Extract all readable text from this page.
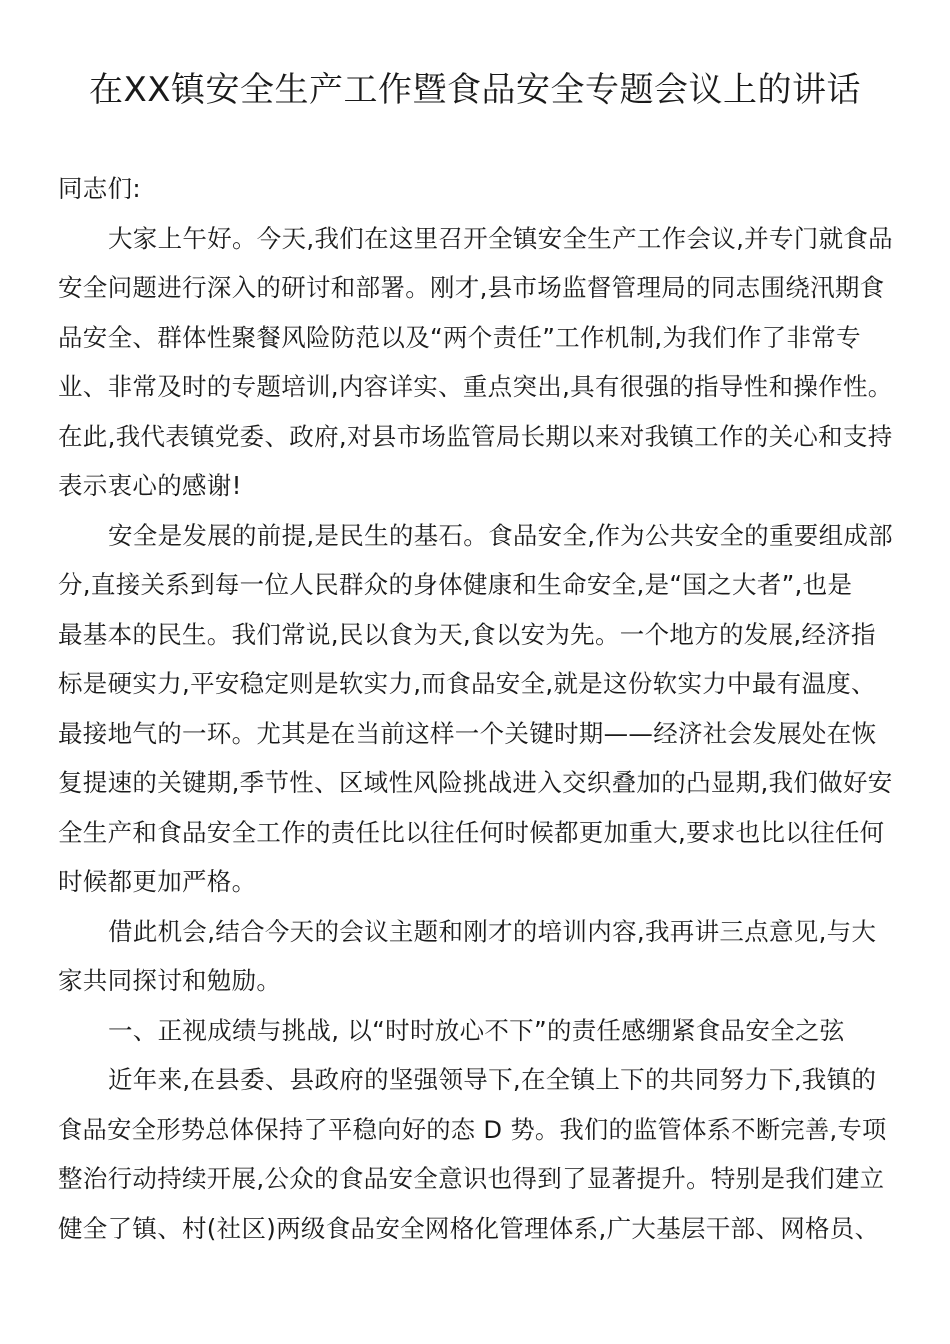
在XX镇安全生产工作暨食品安全专题会议上的讲话
同志们:
大家上午好。今天,我们在这里召开全镇安全生产工作会议,并专门就食品
安全问题进行深入的研讨和部署。刚才,县市场监督管理局的同志围绕汛期食
品安全、群体性聚餐风险防范以及“两个责任”工作机制,为我们作了非常专
业、非常及时的专题培训,内容详实、重点突出,具有很强的指导性和操作性。
在此,我代表镇党委、政府,对县市场监管局长期以来对我镇工作的关心和支持
表示衷心的感谢!
安全是发展的前提,是民生的基石。食品安全,作为公共安全的重要组成部
分,直接关系到每一位人民群众的身体健康和生命安全,是“国之大者”,也是
最基本的民生。我们常说,民以食为天,食以安为先。一个地方的发展,经济指
标是硬实力,平安稳定则是软实力,而食品安全,就是这份软实力中最有温度、
最接地气的一环。尤其是在当前这样一个关键时期——经济社会发展处在恢
复提速的关键期,季节性、区域性风险挑战进入交织叠加的凸显期,我们做好安
全生产和食品安全工作的责任比以往任何时候都更加重大,要求也比以往任何
时候都更加严格。
借此机会,结合今天的会议主题和刚才的培训内容,我再讲三点意见,与大
家共同探讨和勉励。
一、正视成绩与挑战, 以“时时放心不下”的责任感绷紧食品安全之弦
近年来,在县委、县政府的坚强领导下,在全镇上下的共同努力下,我镇的
食品安全形势总体保持了平稳向好的态 D 势。我们的监管体系不断完善,专项
整治行动持续开展,公众的食品安全意识也得到了显著提升。特别是我们建立
健全了镇、村(社区)两级食品安全网格化管理体系,广大基层干部、网格员、
